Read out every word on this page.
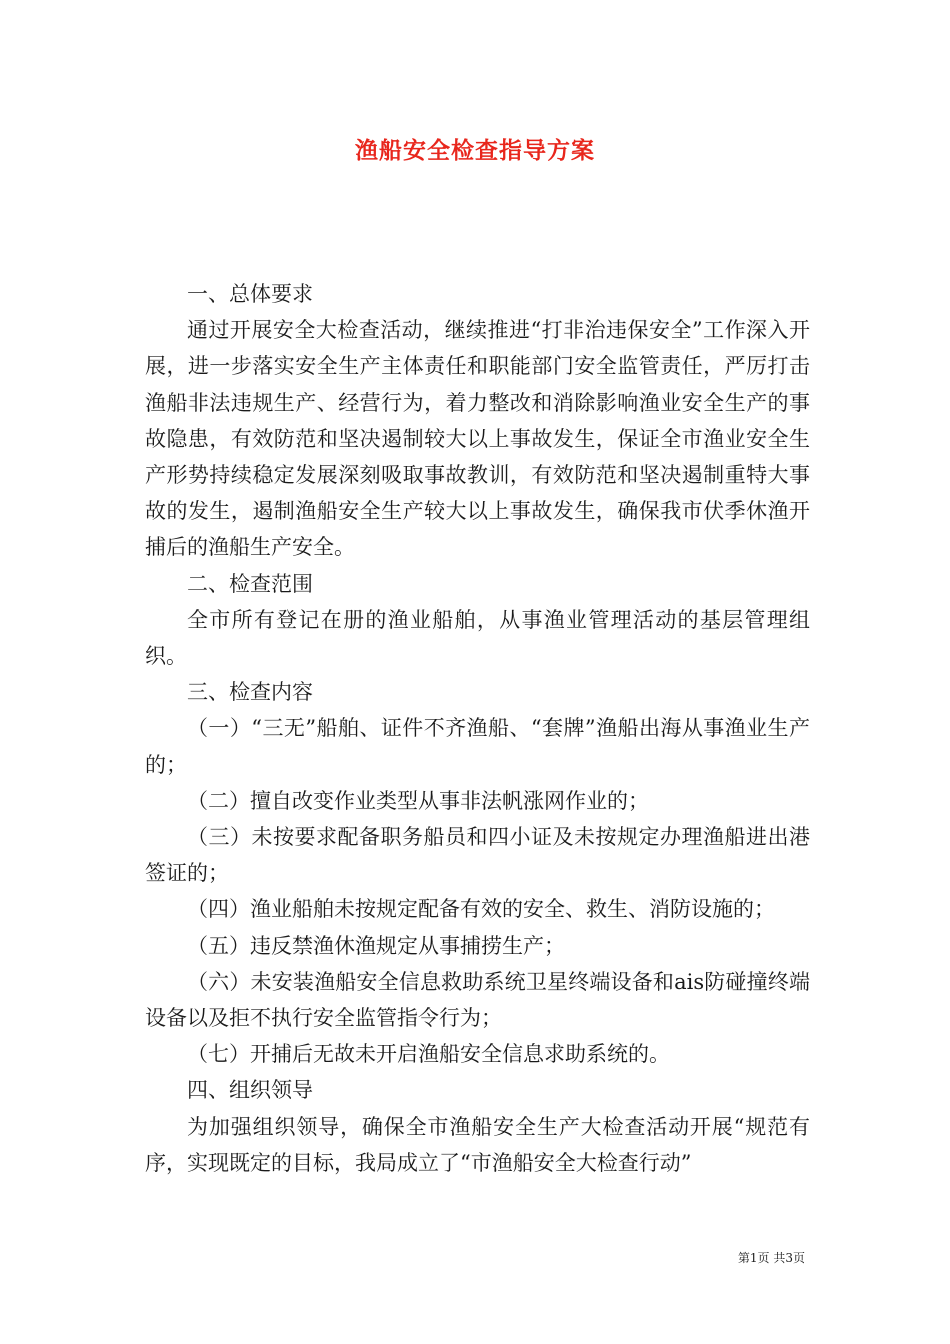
渔船安全检查指导方案

一、总体要求

通过开展安全大检查活动，继续推进“打非治违保安全”工作深入开展，进一步落实安全生产主体责任和职能部门安全监管责任，严厉打击渔船非法违规生产、经营行为，着力整改和消除影响渔业安全生产的事故隐患，有效防范和坚决遏制较大以上事故发生，保证全市渔业安全生产形势持续稳定发展深刻吸取事故教训，有效防范和坚决遏制重特大事故的发生，遏制渔船安全生产较大以上事故发生，确保我市伏季休渔开捕后的渔船生产安全。

二、检查范围

全市所有登记在册的渔业船舶，从事渔业管理活动的基层管理组织。

三、检查内容

（一）“三无”船舶、证件不齐渔船、“套牌”渔船出海从事渔业生产的；

（二）擅自改变作业类型从事非法帆涨网作业的；

（三）未按要求配备职务船员和四小证及未按规定办理渔船进出港签证的；

（四）渔业船舶未按规定配备有效的安全、救生、消防设施的；

（五）违反禁渔休渔规定从事捕捞生产；

（六）未安装渔船安全信息救助系统卫星终端设备和ais防碰撞终端设备以及拒不执行安全监管指令行为；

（七）开捕后无故未开启渔船安全信息求助系统的。

四、组织领导

为加强组织领导，确保全市渔船安全生产大检查活动开展“规范有序，实现既定的目标，我局成立了“市渔船安全大检查行动”

第1页 共3页
